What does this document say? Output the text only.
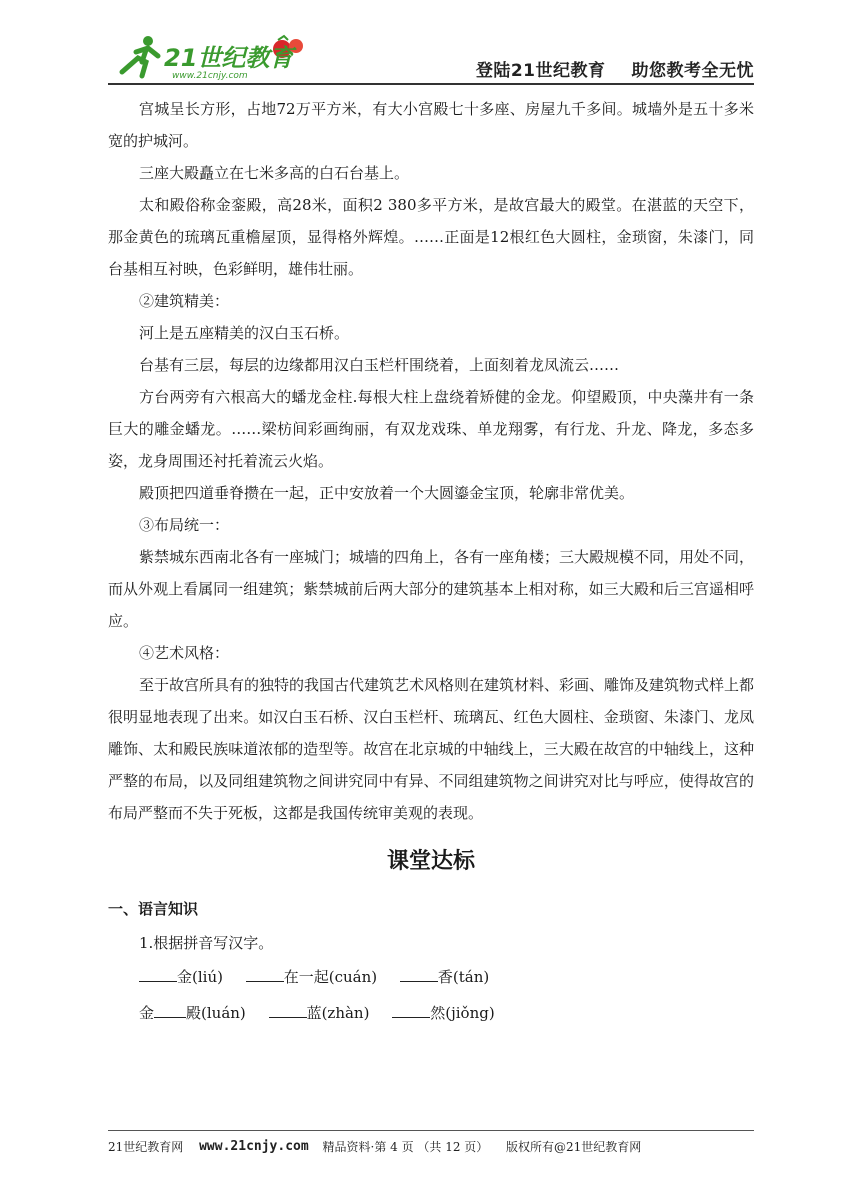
21世纪教育
www.21cnjy.com	登陆21世纪教育 助您教考全无忧

宫城呈长方形，占地72万平方米，有大小宫殿七十多座、房屋九千多间。城墙外是五十多米宽的护城河。

三座大殿矗立在七米多高的白石台基上。

太和殿俗称金銮殿，高28米，面积2 380多平方米，是故宫最大的殿堂。在湛蓝的天空下，那金黄色的琉璃瓦重檐屋顶，显得格外辉煌。……正面是12根红色大圆柱，金琐窗，朱漆门，同台基相互衬映，色彩鲜明，雄伟壮丽。

②建筑精美：

河上是五座精美的汉白玉石桥。

台基有三层，每层的边缘都用汉白玉栏杆围绕着，上面刻着龙凤流云……

方台两旁有六根高大的蟠龙金柱.每根大柱上盘绕着矫健的金龙。仰望殿顶，中央藻井有一条巨大的雕金蟠龙。……梁枋间彩画绚丽，有双龙戏珠、单龙翔雾，有行龙、升龙、降龙，多态多姿，龙身周围还衬托着流云火焰。

殿顶把四道垂脊攒在一起，正中安放着一个大圆鎏金宝顶，轮廓非常优美。

③布局统一：

紫禁城东西南北各有一座城门；城墙的四角上，各有一座角楼；三大殿规模不同，用处不同，而从外观上看属同一组建筑；紫禁城前后两大部分的建筑基本上相对称，如三大殿和后三宫遥相呼应。

④艺术风格：

至于故宫所具有的独特的我国古代建筑艺术风格则在建筑材料、彩画、雕饰及建筑物式样上都很明显地表现了出来。如汉白玉石桥、汉白玉栏杆、琉璃瓦、红色大圆柱、金琐窗、朱漆门、龙凤雕饰、太和殿民族味道浓郁的造型等。故宫在北京城的中轴线上，三大殿在故宫的中轴线上，这种严整的布局，以及同组建筑物之间讲究同中有异、不同组建筑物之间讲究对比与呼应，使得故宫的布局严整而不失于死板，这都是我国传统审美观的表现。

课堂达标

一、语言知识

1.根据拼音写汉字。

金(liú)	在一起(cuán)	香(tán)

金 殿(luán)	蓝(zhàn)	然(jiǒng)

21世纪教育网 www.21cnjy.com 精品资料·第 4 页 （共 12 页） 版权所有@21世纪教育网
